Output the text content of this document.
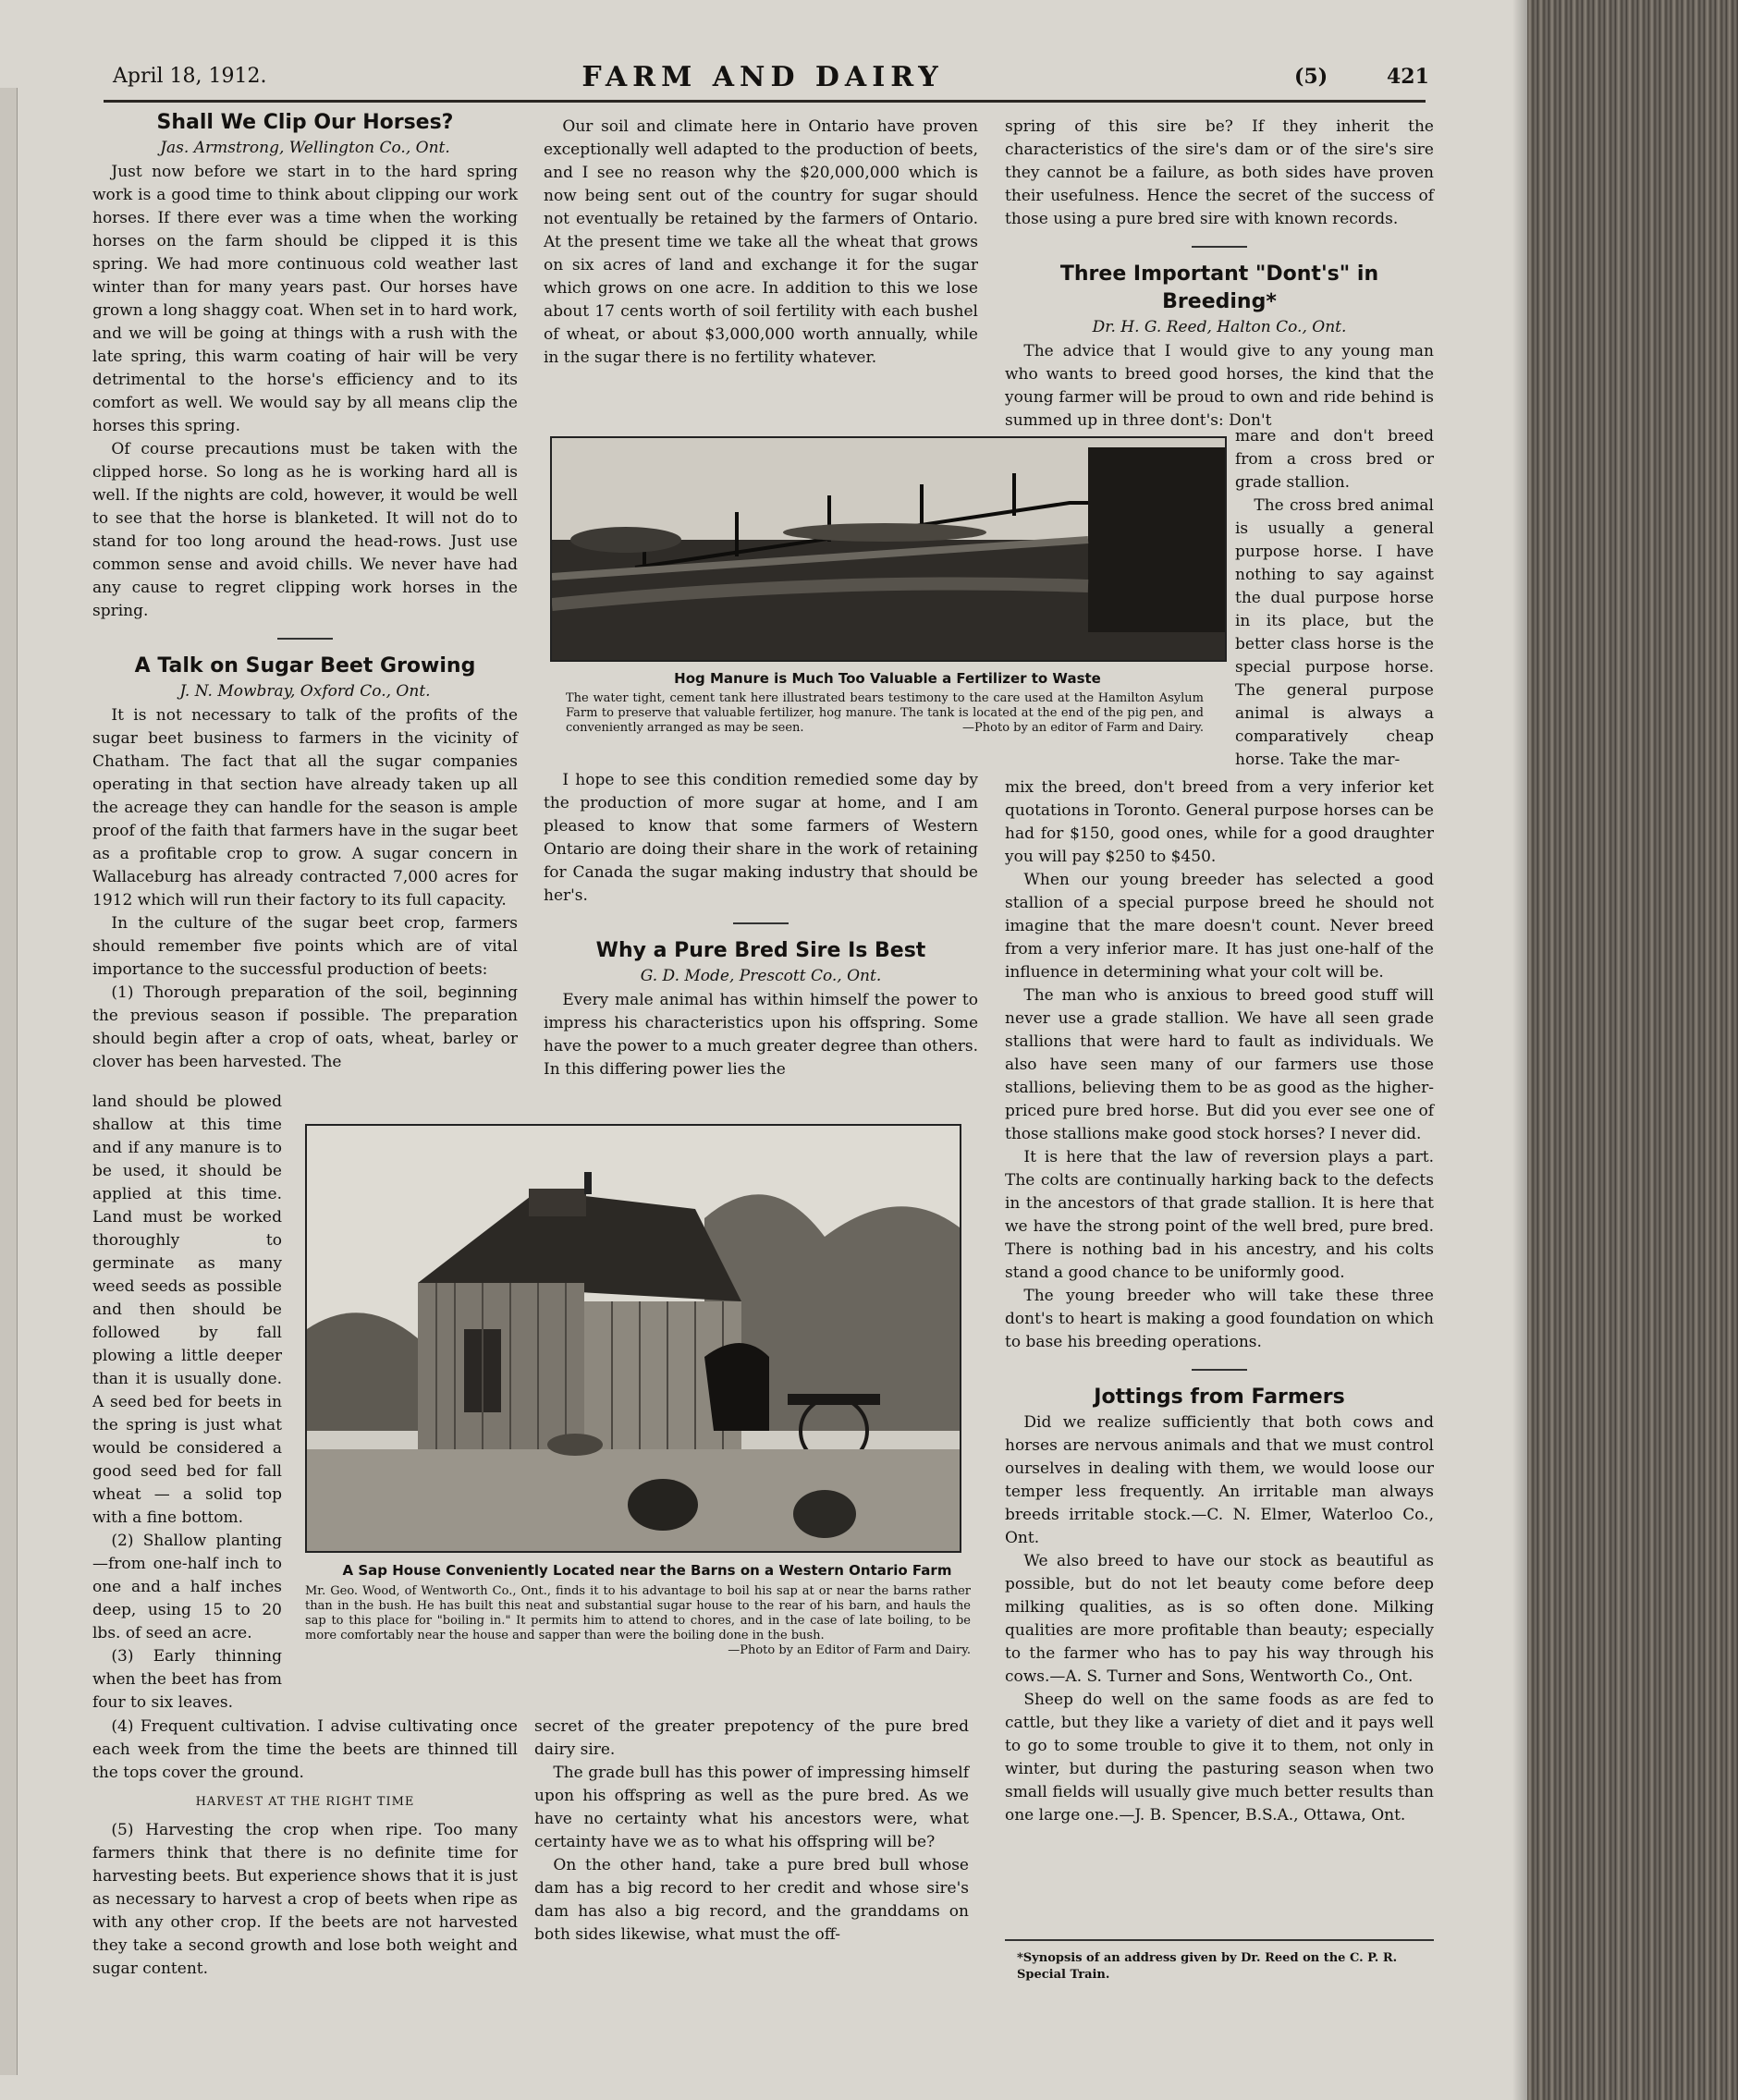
April 18, 1912.	FARM AND DAIRY	(5)	421
Shall We Clip Our Horses?
Jas. Armstrong, Wellington Co., Ont.

Just now before we start in to the hard spring work is a good time to think about clipping our work horses. If there ever was a time when the working horses on the farm should be clipped it is this spring. We had more continuous cold weather last winter than for many years past. Our horses have grown a long shaggy coat. When set in to hard work, and we will be going at things with a rush with the late spring, this warm coating of hair will be very detrimental to the horse's efficiency and to its comfort as well. We would say by all means clip the horses this spring.

Of course precautions must be taken with the clipped horse. So long as he is working hard all is well. If the nights are cold, however, it would be well to see that the horse is blanketed. It will not do to stand for too long around the head-rows. Just use common sense and avoid chills. We never have had any cause to regret clipping work horses in the spring.

A Talk on Sugar Beet Growing
J. N. Mowbray, Oxford Co., Ont.

It is not necessary to talk of the profits of the sugar beet business to farmers in the vicinity of Chatham. The fact that all the sugar companies operating in that section have already taken up all the acreage they can handle for the season is ample proof of the faith that farmers have in the sugar beet as a profitable crop to grow. A sugar concern in Wallaceburg has already contracted 7,000 acres for 1912 which will run their factory to its full capacity.

In the culture of the sugar beet crop, farmers should remember five points which are of vital importance to the successful production of beets:

(1) Thorough preparation of the soil, beginning the previous season if possible. The preparation should begin after a crop of oats, wheat, barley or clover has been harvested. The

land should be plowed shallow at this time and if any manure is to be used, it should be applied at this time. Land must be worked thoroughly to germinate as many weed seeds as possible and then should be followed by fall plowing a little deeper than it is usually done. A seed bed for beets in the spring is just what would be considered a good seed bed for fall wheat — a solid top with a fine bottom.

(2) Shallow planting —from one-half inch to one and a half inches deep, using 15 to 20 lbs. of seed an acre.

(3) Early thinning when the beet has from four to six leaves.

(4) Frequent cultivation. I advise cultivating once each week from the time the beets are thinned till the tops cover the ground.

HARVEST AT THE RIGHT TIME

(5) Harvesting the crop when ripe. Too many farmers think that there is no definite time for harvesting beets. But experience shows that it is just as necessary to harvest a crop of beets when ripe as with any other crop. If the beets are not harvested they take a second growth and lose both weight and sugar content.

Our soil and climate here in Ontario have proven exceptionally well adapted to the production of beets, and I see no reason why the $20,000,000 which is now being sent out of the country for sugar should not eventually be retained by the farmers of Ontario. At the present time we take all the wheat that grows on six acres of land and exchange it for the sugar which grows on one acre. In addition to this we lose about 17 cents worth of soil fertility with each bushel of wheat, or about $3,000,000 worth annually, while in the sugar there is no fertility whatever.

Hog Manure is Much Too Valuable a Fertilizer to Waste
The water tight, cement tank here illustrated bears testimony to the care used at the Hamilton Asylum Farm to preserve that valuable fertilizer, hog manure. The tank is located at the end of the pig pen, and conveniently arranged as may be seen.	—Photo by an editor of Farm and Dairy.

I hope to see this condition remedied some day by the production of more sugar at home, and I am pleased to know that some farmers of Western Ontario are doing their share in the work of retaining for Canada the sugar making industry that should be her's.

Why a Pure Bred Sire Is Best
G. D. Mode, Prescott Co., Ont.

Every male animal has within himself the power to impress his characteristics upon his offspring. Some have the power to a much greater degree than others. In this differing power lies the

A Sap House Conveniently Located near the Barns on a Western Ontario Farm
Mr. Geo. Wood, of Wentworth Co., Ont., finds it to his advantage to boil his sap at or near the barns rather than in the bush. He has built this neat and substantial sugar house to the rear of his barn, and hauls the sap to this place for "boiling in." It permits him to attend to chores, and in the case of late boiling, to be more comfortably near the house and sapper than were the boiling done in the bush.
—Photo by an Editor of Farm and Dairy.

secret of the greater prepotency of the pure bred dairy sire.

The grade bull has this power of impressing himself upon his offspring as well as the pure bred. As we have no certainty what his ancestors were, what certainty have we as to what his offspring will be?

On the other hand, take a pure bred bull whose dam has a big record to her credit and whose sire's dam has also a big record, and the granddams on both sides likewise, what must the off-

spring of this sire be? If they inherit the characteristics of the sire's dam or of the sire's sire they cannot be a failure, as both sides have proven their usefulness. Hence the secret of the success of those using a pure bred sire with known records.

Three Important "Dont's" in Breeding*
Dr. H. G. Reed, Halton Co., Ont.

The advice that I would give to any young man who wants to breed good horses, the kind that the young farmer will be proud to own and ride behind is summed up in three dont's: Don't

mare and don't breed from a cross bred or grade stallion.

The cross bred animal is usually a general purpose horse. I have nothing to say against the dual purpose horse in its place, but the better class horse is the special purpose horse. The general purpose animal is always a comparatively cheap horse. Take the mar-

mix the breed, don't breed from a very inferior ket quotations in Toronto. General purpose horses can be had for $150, good ones, while for a good draughter you will pay $250 to $450.

When our young breeder has selected a good stallion of a special purpose breed he should not imagine that the mare doesn't count. Never breed from a very inferior mare. It has just one-half of the influence in determining what your colt will be.

The man who is anxious to breed good stuff will never use a grade stallion. We have all seen grade stallions that were hard to fault as individuals. We also have seen many of our farmers use those stallions, believing them to be as good as the higher-priced pure bred horse. But did you ever see one of those stallions make good stock horses? I never did.

It is here that the law of reversion plays a part. The colts are continually harking back to the defects in the ancestors of that grade stallion. It is here that we have the strong point of the well bred, pure bred. There is nothing bad in his ancestry, and his colts stand a good chance to be uniformly good.

The young breeder who will take these three dont's to heart is making a good foundation on which to base his breeding operations.

Jottings from Farmers

Did we realize sufficiently that both cows and horses are nervous animals and that we must control ourselves in dealing with them, we would loose our temper less frequently. An irritable man always breeds irritable stock.—C. N. Elmer, Waterloo Co., Ont.

We also breed to have our stock as beautiful as possible, but do not let beauty come before deep milking qualities, as is so often done. Milking qualities are more profitable than beauty; especially to the farmer who has to pay his way through his cows.—A. S. Turner and Sons, Wentworth Co., Ont.

Sheep do well on the same foods as are fed to cattle, but they like a variety of diet and it pays well to go to some trouble to give it to them, not only in winter, but during the pasturing season when two small fields will usually give much better results than one large one.—J. B. Spencer, B.S.A., Ottawa, Ont.

*Synopsis of an address given by Dr. Reed on the C. P. R. Special Train.
